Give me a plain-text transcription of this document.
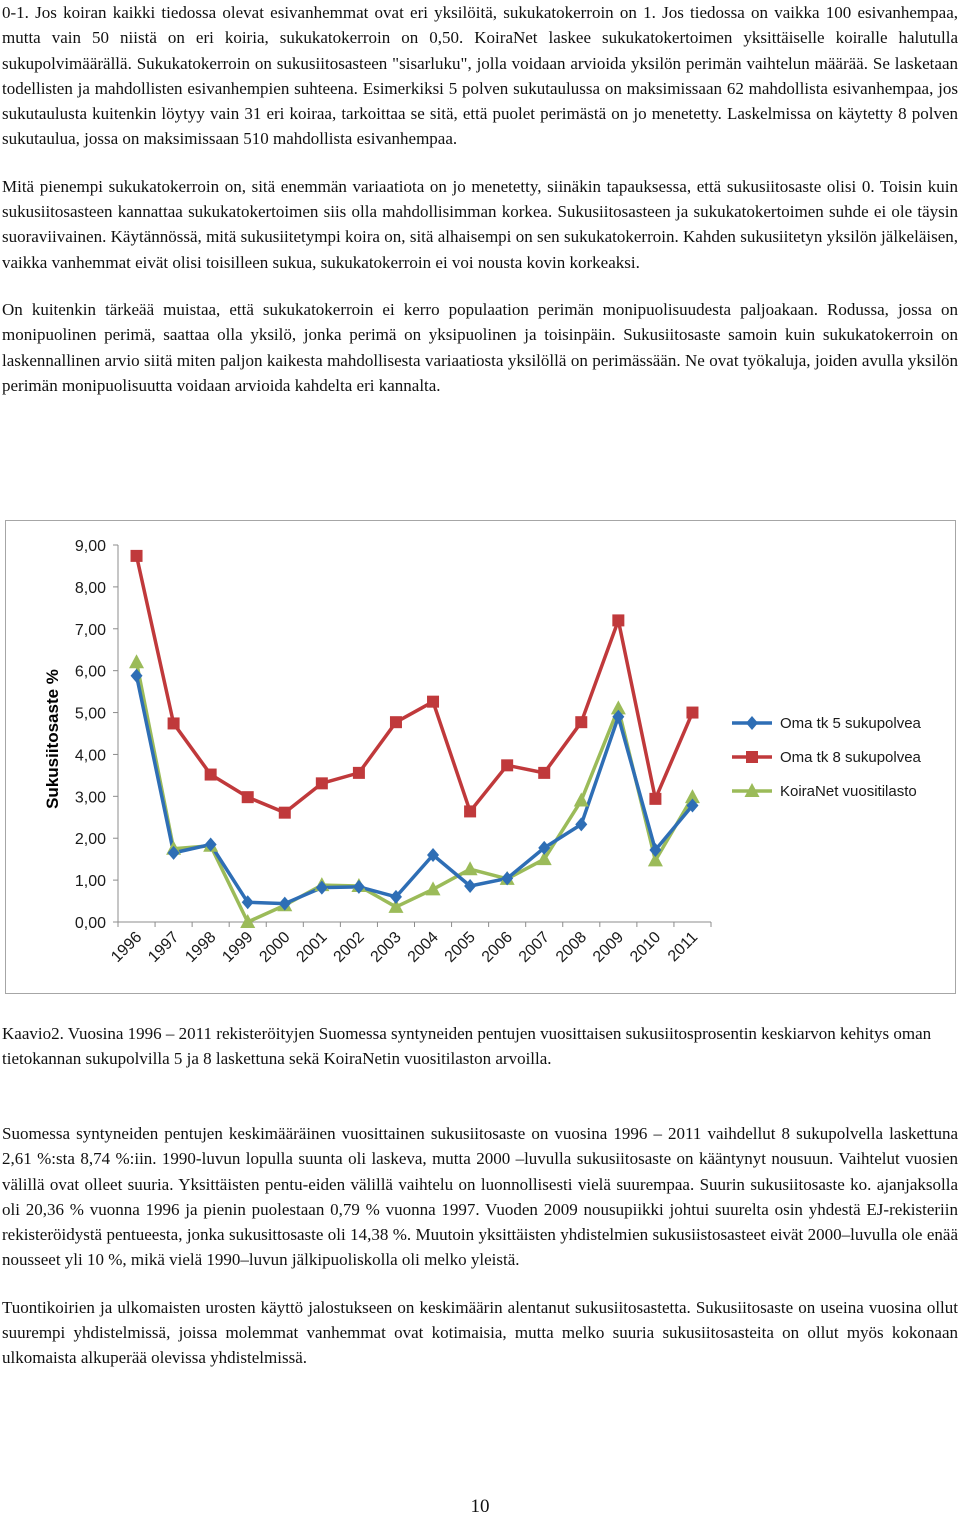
0-1. Jos koiran kaikki tiedossa olevat esivanhemmat ovat eri yksilöitä, sukukatokerroin on 1. Jos tiedossa on vaikka 100 esivanhempaa, mutta vain 50 niistä on eri koiria, sukukatokerroin on 0,50. KoiraNet laskee sukukatokertoimen yksittäiselle koiralle halutulla sukupolvimäärällä. Sukukatokerroin on sukusiitosasteen "sisarluku", jolla voidaan arvioida yksilön perimän vaihtelun määrää. Se lasketaan todellisten ja mahdollisten esivanhempien suhteena. Esimerkiksi 5 polven sukutaulussa on maksimissaan 62 mahdollista esivanhempaa, jos sukutaulusta kuitenkin löytyy vain 31 eri koiraa, tarkoittaa se sitä, että puolet perimästä on jo menetetty. Laskelmissa on käytetty 8 polven sukutaulua, jossa on maksimissaan 510 mahdollista esivanhempaa.

Mitä pienempi sukukatokerroin on, sitä enemmän variaatiota on jo menetetty, siinäkin tapauksessa, että sukusiitosaste olisi 0. Toisin kuin sukusiitosasteen kannattaa sukukatokertoimen siis olla mahdollisimman korkea. Sukusiitosasteen ja sukukatokertoimen suhde ei ole täysin suoraviivainen. Käytännössä, mitä sukusiitetympi koira on, sitä alhaisempi on sen sukukatokerroin. Kahden sukusiitetyn yksilön jälkeläisen, vaikka vanhemmat eivät olisi toisilleen sukua, sukukatokerroin ei voi nousta kovin korkeaksi.

On kuitenkin tärkeää muistaa, että sukukatokerroin ei kerro populaation perimän monipuolisuudesta paljoakaan. Rodussa, jossa on monipuolinen perimä, saattaa olla yksilö, jonka perimä on yksipuolinen ja toisinpäin. Sukusiitosaste samoin kuin sukukatokerroin on laskennallinen arvio siitä miten paljon kaikesta mahdollisesta variaatiosta yksilöllä on perimässään. Ne ovat työkaluja, joiden avulla yksilön perimän monipuolisuutta voidaan arvioida kahdelta eri kannalta.

Sukusiitosaste %
0,00
1,00
2,00
3,00
4,00
5,00
6,00
7,00
8,00
9,00
1996 1997 1998 1999 2000 2001 2002 2003 2004 2005 2006 2007 2008 2009 2010 2011
Oma tk 5 sukupolvea
Oma tk 8 sukupolvea
KoiraNet vuositilasto

Kaavio2. Vuosina 1996 – 2011 rekisteröityjen Suomessa syntyneiden pentujen vuosittaisen sukusiitosprosentin keskiarvon kehitys oman tietokannan sukupolvilla 5 ja 8 laskettuna sekä KoiraNetin vuositilaston arvoilla.

Suomessa syntyneiden pentujen keskimääräinen vuosittainen sukusiitosaste on vuosina 1996 – 2011 vaihdellut 8 sukupolvella laskettuna 2,61 %:sta 8,74 %:iin. 1990-luvun lopulla suunta oli laskeva, mutta 2000 –luvulla sukusiitosaste on kääntynyt nousuun. Vaihtelut vuosien välillä ovat olleet suuria. Yksittäisten pentu-eiden välillä vaihtelu on luonnollisesti vielä suurempaa. Suurin sukusiitosaste ko. ajanjaksolla oli 20,36 % vuonna 1996 ja pienin puolestaan 0,79 % vuonna 1997. Vuoden 2009 nousupiikki johtui suurelta osin yhdestä EJ-rekisteriin rekisteröidystä pentueesta, jonka sukusittosaste oli 14,38 %. Muutoin yksittäisten yhdistelmien sukusiistosasteet eivät 2000–luvulla ole enää nousseet yli 10 %, mikä vielä 1990–luvun jälkipuoliskolla oli melko yleistä.

Tuontikoirien ja ulkomaisten urosten käyttö jalostukseen on keskimäärin alentanut sukusiitosastetta. Sukusiitosaste on useina vuosina ollut suurempi yhdistelmissä, joissa molemmat vanhemmat ovat kotimaisia, mutta melko suuria sukusiitosasteita on ollut myös kokonaan ulkomaista alkuperää olevissa yhdistelmissä.

10
